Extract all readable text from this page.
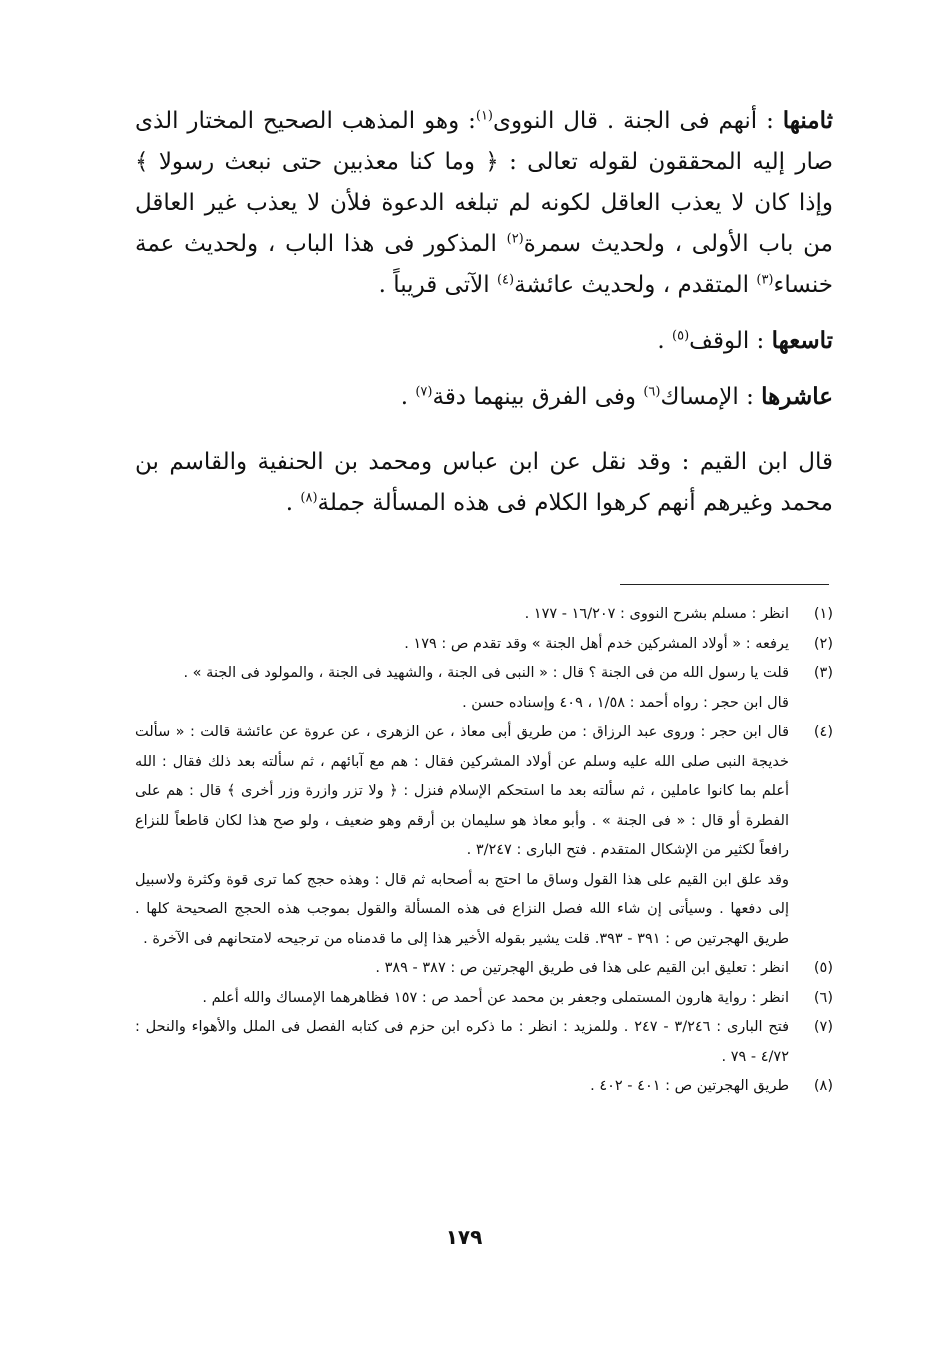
ثامنها : أنهم فى الجنة . قال النووى$^{(١)}$: وهو المذهب الصحيح المختار الذى صار إليه المحققون لقوله تعالى : ﴿ وما كنا معذبين حتى نبعث رسولا ﴾ وإذا كان لا يعذب العاقل لكونه لم تبلغه الدعوة فلأن لا يعذب غير العاقل من باب الأولى ، ولحديث سمرة$^{(٢)}$ المذكور فى هذا الباب ، ولحديث عمة خنساء$^{(٣)}$ المتقدم ، ولحديث عائشة$^{(٤)}$ الآتى قريباً .

تاسعها : الوقف$^{(٥)}$ .

عاشرها : الإمساك$^{(٦)}$ وفى الفرق بينهما دقة$^{(٧)}$ .

قال ابن القيم : وقد نقل عن ابن عباس ومحمد بن الحنفية والقاسم بن محمد وغيرهم أنهم كرهوا الكلام فى هذه المسألة جملة$^{(٨)}$ .

(١)
انظر : مسلم بشرح النووى : ١٦/٢٠٧ - ١٧٧ .
(٢)
يرفعه : « أولاد المشركين خدم أهل الجنة » وقد تقدم ص : ١٧٩ .
(٣)

قلت يا رسول الله من فى الجنة ؟ قال : « النبى فى الجنة ، والشهيد فى الجنة ، والمولود فى الجنة » .

قال ابن حجر : رواه أحمد : ١/٥٨ ، ٤٠٩ وإسناده حسن .

(٤)

قال ابن حجر : وروى عبد الرزاق : من طريق أبى معاذ ، عن الزهرى ، عن عروة عن عائشة قالت : « سألت خديجة النبى صلى الله عليه وسلم عن أولاد المشركين فقال : هم مع آبائهم ، ثم سألته بعد ذلك فقال : الله أعلم بما كانوا عاملين ، ثم سألته بعد ما استحكم الإسلام فنزل : ﴿ ولا تزر وازرة وزر أخرى ﴾ قال : هم على الفطرة أو قال : « فى الجنة » . وأبو معاذ هو سليمان بن أرقم وهو ضعيف ، ولو صح هذا لكان قاطعاً للنزاع رافعاً لكثير من الإشكال المتقدم . فتح البارى : ٣/٢٤٧ .

وقد علق ابن القيم على هذا القول وساق ما احتج به أصحابه ثم قال : وهذه حجج كما ترى قوة وكثرة ولاسبيل إلى دفعها . وسيأتى إن شاء الله فصل النزاع فى هذه المسألة والقول بموجب هذه الحجج الصحيحة كلها . طريق الهجرتين ص : ٣٩١ - ٣٩٣. قلت يشير بقوله الأخير هذا إلى ما قدمناه من ترجيحه لامتحانهم فى الآخرة .

(٥)
انظر : تعليق ابن القيم على هذا فى طريق الهجرتين ص : ٣٨٧ - ٣٨٩ .
(٦)
انظر : رواية هارون المستملى وجعفر بن محمد عن أحمد ص : ١٥٧ فظاهرهما الإمساك والله أعلم .
(٧)
فتح البارى : ٣/٢٤٦ - ٢٤٧ . وللمزيد : انظر : ما ذكره ابن حزم فى كتابه الفصل فى الملل والأهواء والنحل : ٤/٧٢ - ٧٩ .
(٨)
طريق الهجرتين ص : ٤٠١ - ٤٠٢ .
١٧٩
